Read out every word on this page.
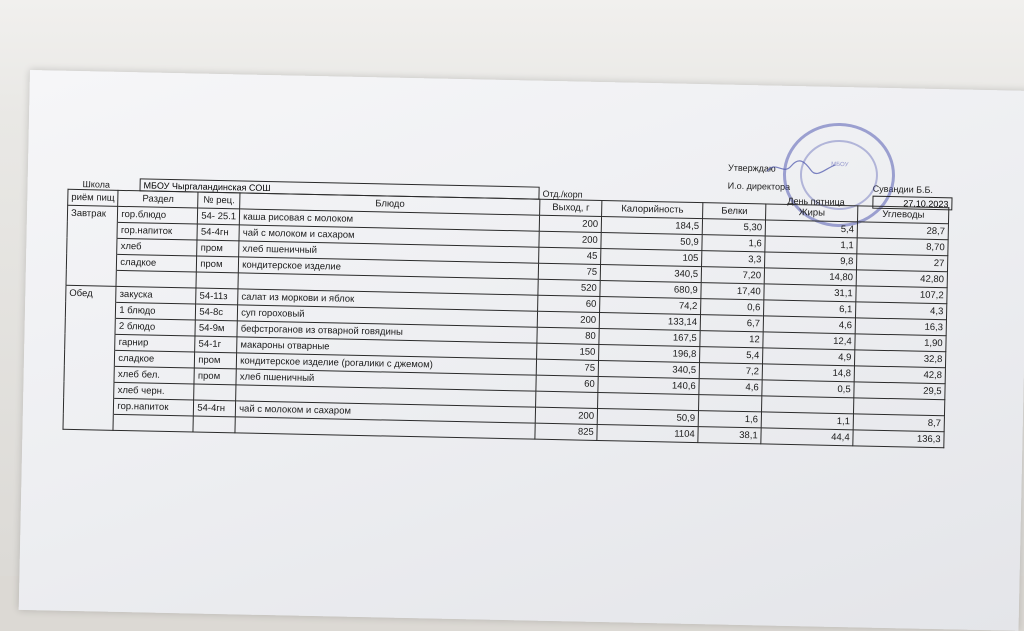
Утверждаю
И.о. директора	Сувандии Б.Б.
МБОУ
Школа	МБОУ Чыргаландинская СОШ
Отд./корп
День пятница	27.10.2023
риём пищ	Раздел	№ рец.	Блюдо	Выход, г	Калорийность	Белки	Жиры	Углеводы
Завтрак	гор.блюдо	54- 25.1	каша рисовая с молоком	200	184,5	5,30	5,4	28,7
	гор.напиток	54-4гн	чай с молоком и сахаром	200	50,9	1,6	1,1	8,70
	хлеб	пром	хлеб пшеничный	45	105	3,3	9,8	27
	сладкое	пром	кондитерское изделие	75	340,5	7,20	14,80	42,80
				520	680,9	17,40	31,1	107,2
Обед	закуска	54-11з	салат из моркови и яблок	60	74,2	0,6	6,1	4,3
	1 блюдо	54-8с	суп гороховый	200	133,14	6,7	4,6	16,3
	2 блюдо	54-9м	бефстроганов из отварной говядины	80	167,5	12	12,4	1,90
	гарнир	54-1г	макароны отварные	150	196,8	5,4	4,9	32,8
	сладкое	пром	кондитерское изделие (рогалики с джемом)	75	340,5	7,2	14,8	42,8
	хлеб бел.	пром	хлеб пшеничный	60	140,6	4,6	0,5	29,5
	хлеб черн.							
	гор.напиток	54-4гн	чай с молоком и сахаром	200	50,9	1,6	1,1	8,7
				825	1104	38,1	44,4	136,3
